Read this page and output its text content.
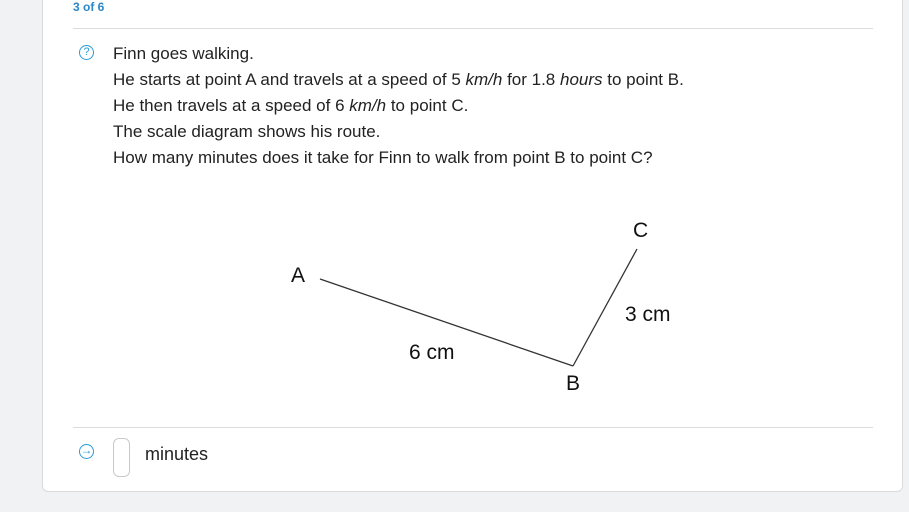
3 of 6
? Finn goes walking.

He starts at point A and travels at a speed of 5 km/h for 1.8 hours to point B.

He then travels at a speed of 6 km/h to point C.

The scale diagram shows his route.

How many minutes does it take for Finn to walk from point B to point C?

A
B
C
6 cm
3 cm
→	minutes
